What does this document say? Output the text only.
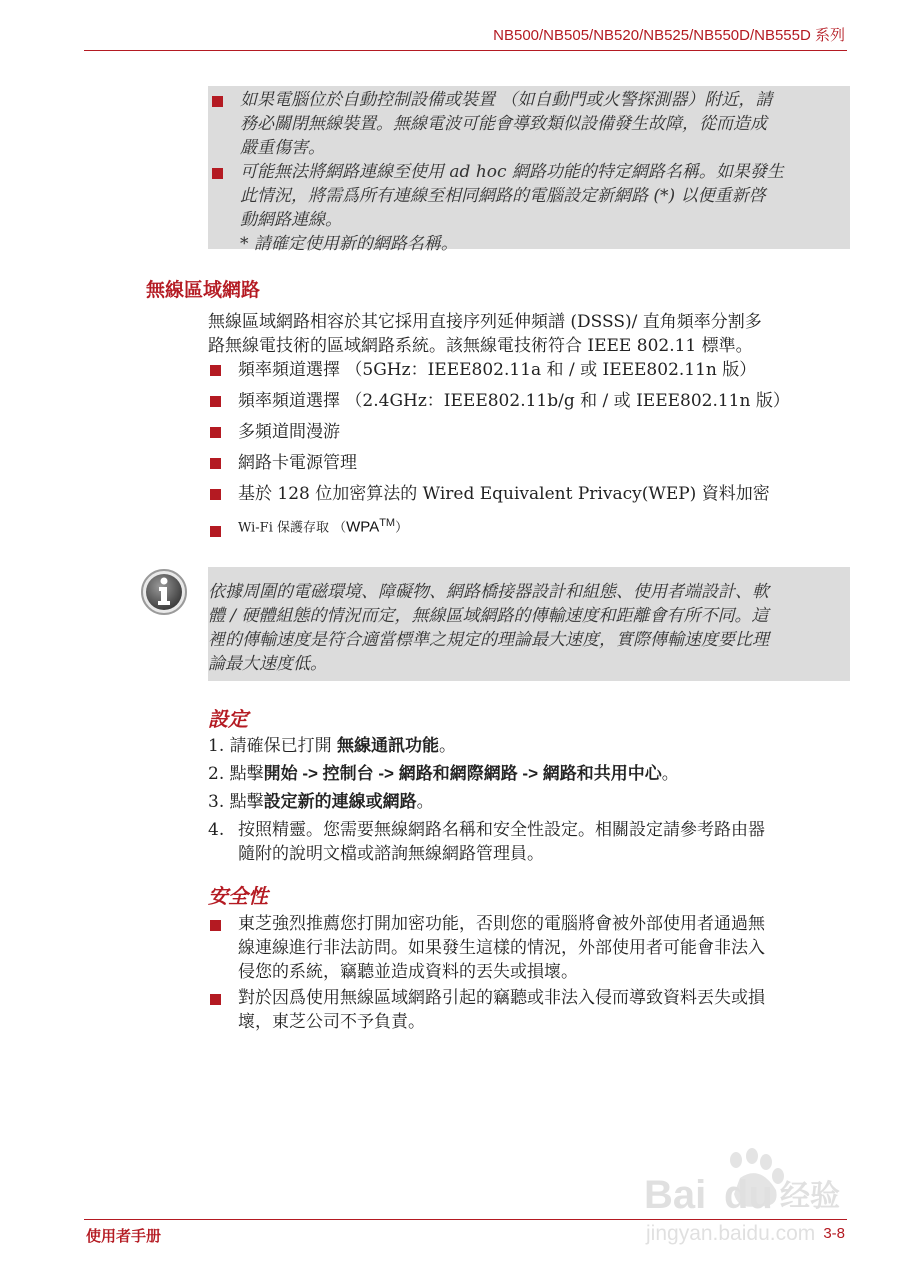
NB500/NB505/NB520/NB525/NB550D/NB555D 系列
如果電腦位於自動控制設備或裝置 （如自動門或火警探測器）附近，請
務必關閉無線裝置。無線電波可能會導致類似設備發生故障，從而造成
嚴重傷害。
可能無法將網路連線至使用 ad hoc 網路功能的特定網路名稱。如果發生
此情況，將需爲所有連線至相同網路的電腦設定新網路 (*) 以便重新啓
動網路連線。
* 請確定使用新的網路名稱。
無線區域網路
無線區域網路相容於其它採用直接序列延伸頻譜 (DSSS)/ 直角頻率分割多
路無線電技術的區域網路系統。該無線電技術符合 IEEE 802.11 標準。
頻率頻道選擇 （5GHz：IEEE802.11a 和 / 或 IEEE802.11n 版）
頻率頻道選擇 （2.4GHz：IEEE802.11b/g 和 / 或 IEEE802.11n 版）
多頻道間漫游
網路卡電源管理
基於 128 位加密算法的 Wired Equivalent Privacy(WEP) 資料加密
Wi-Fi 保護存取 （WPA™）
依據周圍的電磁環境、障礙物、網路橋接器設計和組態、使用者端設計、軟
體 / 硬體組態的情況而定，無線區域網路的傳輸速度和距離會有所不同。這
裡的傳輸速度是符合適當標準之規定的理論最大速度，實際傳輸速度要比理
論最大速度低。
設定
1. 請確保已打開 無線通訊功能。
2. 點擊開始 -> 控制台 -> 網路和網際網路 -> 網路和共用中心。
3. 點擊設定新的連線或網路。
4. 按照精靈。您需要無線網路名稱和安全性設定。相關設定請參考路由器
隨附的說明文檔或諮詢無線網路管理員。
安全性
東芝強烈推薦您打開加密功能，否則您的電腦將會被外部使用者通過無
線連線進行非法訪問。如果發生這樣的情況，外部使用者可能會非法入
侵您的系統，竊聽並造成資料的丟失或損壞。
對於因爲使用無線區域網路引起的竊聽或非法入侵而導致資料丟失或損
壞，東芝公司不予負責。
Bai du 经验
jingyan.baidu.com
使用者手册	3-8
